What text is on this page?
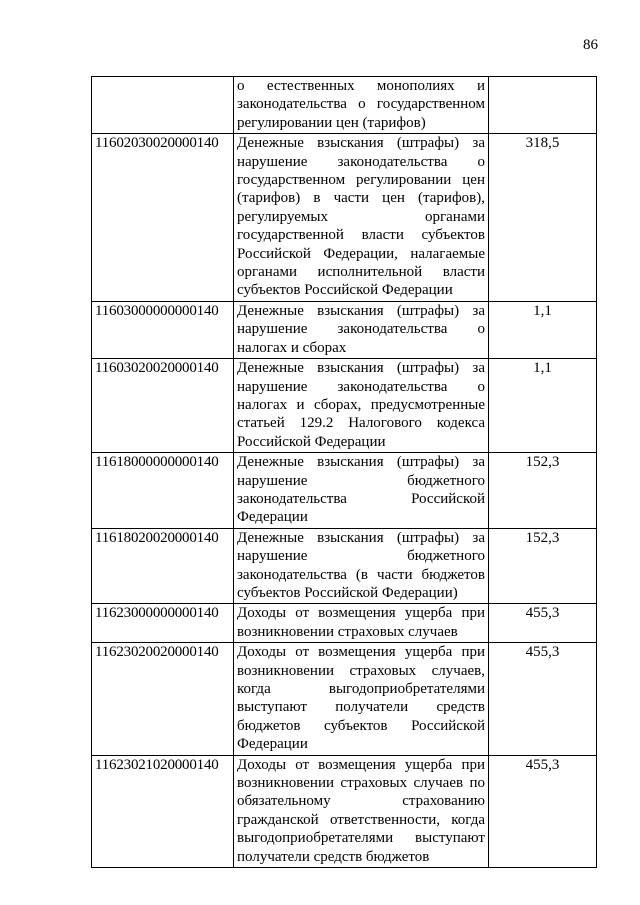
86
	о естественных монополиях и законодательства о государственном регулировании цен (тарифов)	
11602030020000140	Денежные взыскания (штрафы) за нарушение законодательства о государственном регулировании цен (тарифов) в части цен (тарифов), регулируемых органами государственной власти субъектов Российской Федерации, налагаемые органами исполнительной власти субъектов Российской Федерации	318,5
11603000000000140	Денежные взыскания (штрафы) за нарушение законодательства о налогах и сборах	1,1
11603020020000140	Денежные взыскания (штрафы) за нарушение законодательства о налогах и сборах, предусмотренные статьей 129.2 Налогового кодекса Российской Федерации	1,1
11618000000000140	Денежные взыскания (штрафы) за нарушение бюджетного законодательства Российской Федерации	152,3
11618020020000140	Денежные взыскания (штрафы) за нарушение бюджетного законодательства (в части бюджетов субъектов Российской Федерации)	152,3
11623000000000140	Доходы от возмещения ущерба при возникновении страховых случаев	455,3
11623020020000140	Доходы от возмещения ущерба при возникновении страховых случаев, когда выгодоприобретателями выступают получатели средств бюджетов субъектов Российской Федерации	455,3
11623021020000140	Доходы от возмещения ущерба при возникновении страховых случаев по обязательному страхованию гражданской ответственности, когда выгодоприобретателями выступают получатели средств бюджетов	455,3
